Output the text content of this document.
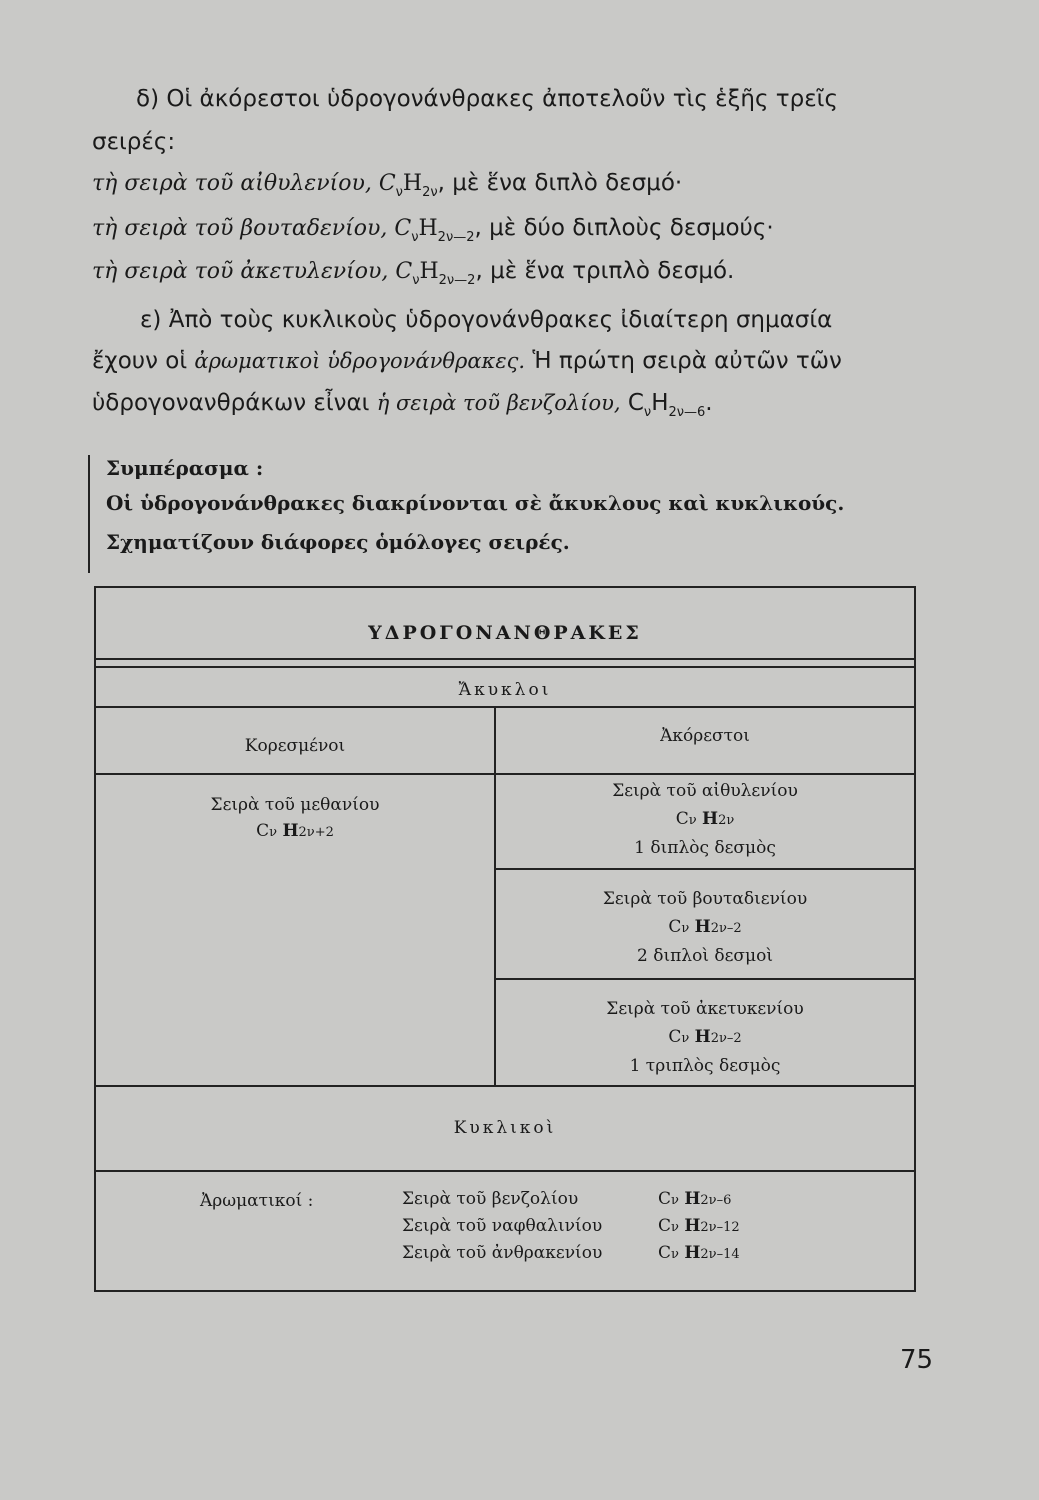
δ) Οἱ ἀκόρεστοι ὑδρογονάνθρακες ἀποτελοῦν τὶς ἑξῆς τρεῖς
σειρές:
τὴ σειρὰ τοῦ αἰθυλενίου, $C_\nu H_{2\nu}$, μὲ ἕνα διπλὸ δεσμό·
τὴ σειρὰ τοῦ βουταδενίου, $C_\nu H_{2\nu—2}$, μὲ δύο διπλοὺς δεσμούς·
τὴ σειρὰ τοῦ ἀκετυλενίου, $C_\nu H_{2\nu—2}$, μὲ ἕνα τριπλὸ δεσμό.
ε) Ἀπὸ τοὺς κυκλικοὺς ὑδρογονάνθρακες ἰδιαίτερη σημασία
ἔχουν οἱ ἀρωματικοὶ ὑδρογονάνθρακες. Ἡ πρώτη σειρὰ αὐτῶν τῶν
ὑδρογονανθράκων εἶναι ἡ σειρὰ τοῦ βενζολίου, $C_\nu H_{2\nu—6}$.
Συμπέρασμα :
Οἱ ὑδρογονάνθρακες διακρίνονται σὲ ἄκυκλους καὶ κυκλικούς.
Σχηματίζουν διάφορες ὁμόλογες σειρές.
ΥΔΡΟΓΟΝΑΝΘΡΑΚΕΣ
Ἄκυκλοι
Κορεσμένοι	Ἀκόρεστοι
Σειρὰ τοῦ μεθανίου
Cν H2ν+2
Σειρὰ τοῦ αἰθυλενίου
Cν H2ν
1 διπλὸς δεσμὸς
Σειρὰ τοῦ βουταδιενίου
Cν H2ν–2
2 διπλοὶ δεσμοὶ
Σειρὰ τοῦ ἀκετυκενίου
Cν H2ν–2
1 τριπλὸς δεσμὸς
Κυκλικοὶ
Ἀρωματικοί :	Σειρὰ τοῦ βενζολίου	Cν H2ν–6
Σειρὰ τοῦ ναφθαλινίου	Cν H2ν–12
Σειρὰ τοῦ ἀνθρακενίου	Cν H2ν–14
75
